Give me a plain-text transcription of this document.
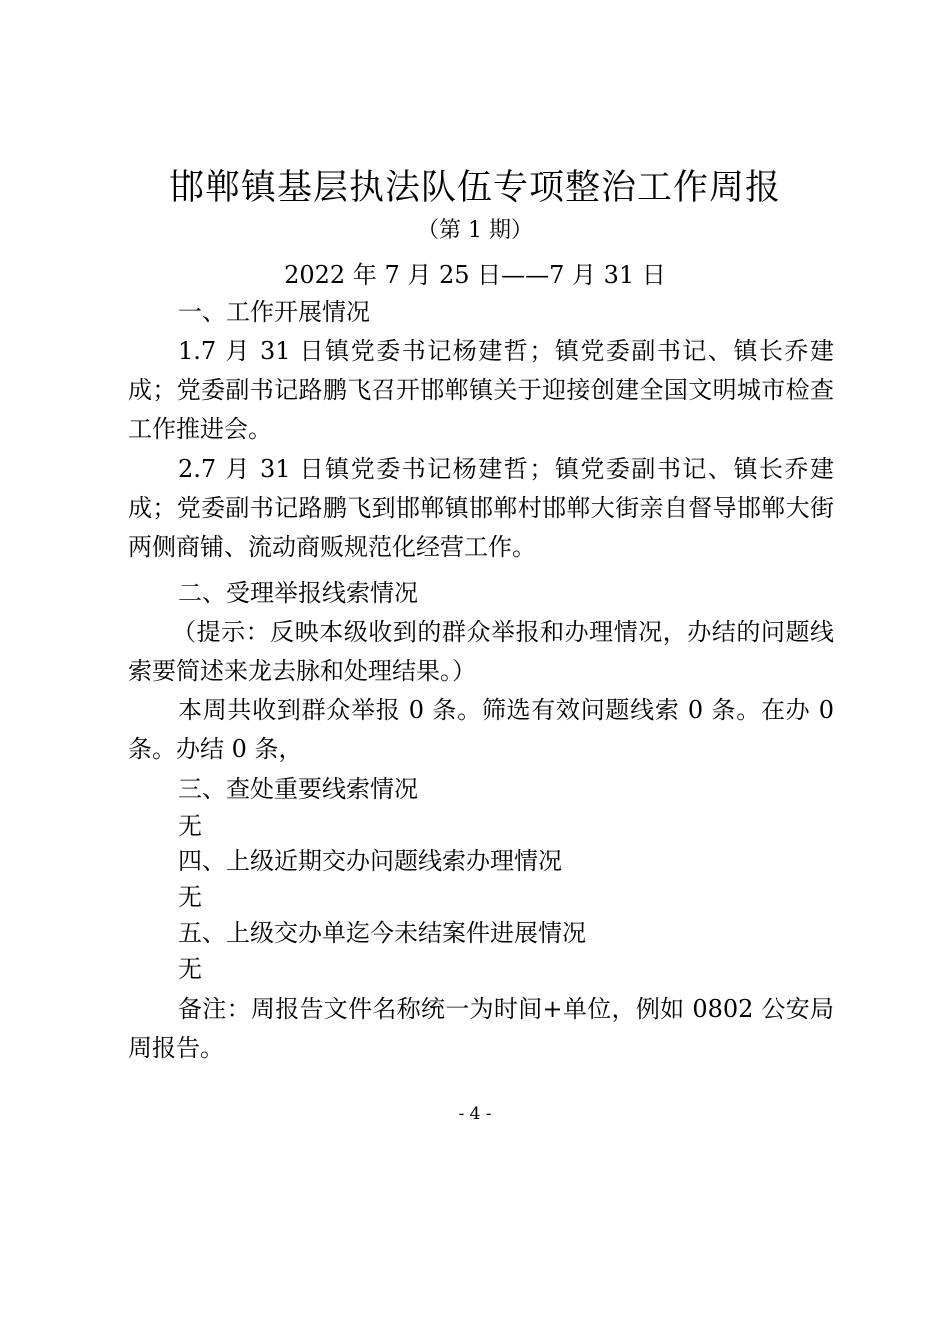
邯郸镇基层执法队伍专项整治工作周报
（第 1 期）
2022 年 7 月 25 日——7 月 31 日
一、工作开展情况
1.7 月 31 日镇党委书记杨建哲；镇党委副书记、镇长乔建成；党委副书记路鹏飞召开邯郸镇关于迎接创建全国文明城市检查工作推进会。
2.7 月 31 日镇党委书记杨建哲；镇党委副书记、镇长乔建成；党委副书记路鹏飞到邯郸镇邯郸村邯郸大街亲自督导邯郸大街两侧商铺、流动商贩规范化经营工作。
二、受理举报线索情况
（提示：反映本级收到的群众举报和办理情况，办结的问题线索要简述来龙去脉和处理结果。）
本周共收到群众举报 0 条。筛选有效问题线索 0 条。在办 0 条。办结 0 条，
三、查处重要线索情况
无
四、上级近期交办问题线索办理情况
无
五、上级交办单迄今未结案件进展情况
无
备注：周报告文件名称统一为时间+单位，例如 0802 公安局周报告。
- 4 -
